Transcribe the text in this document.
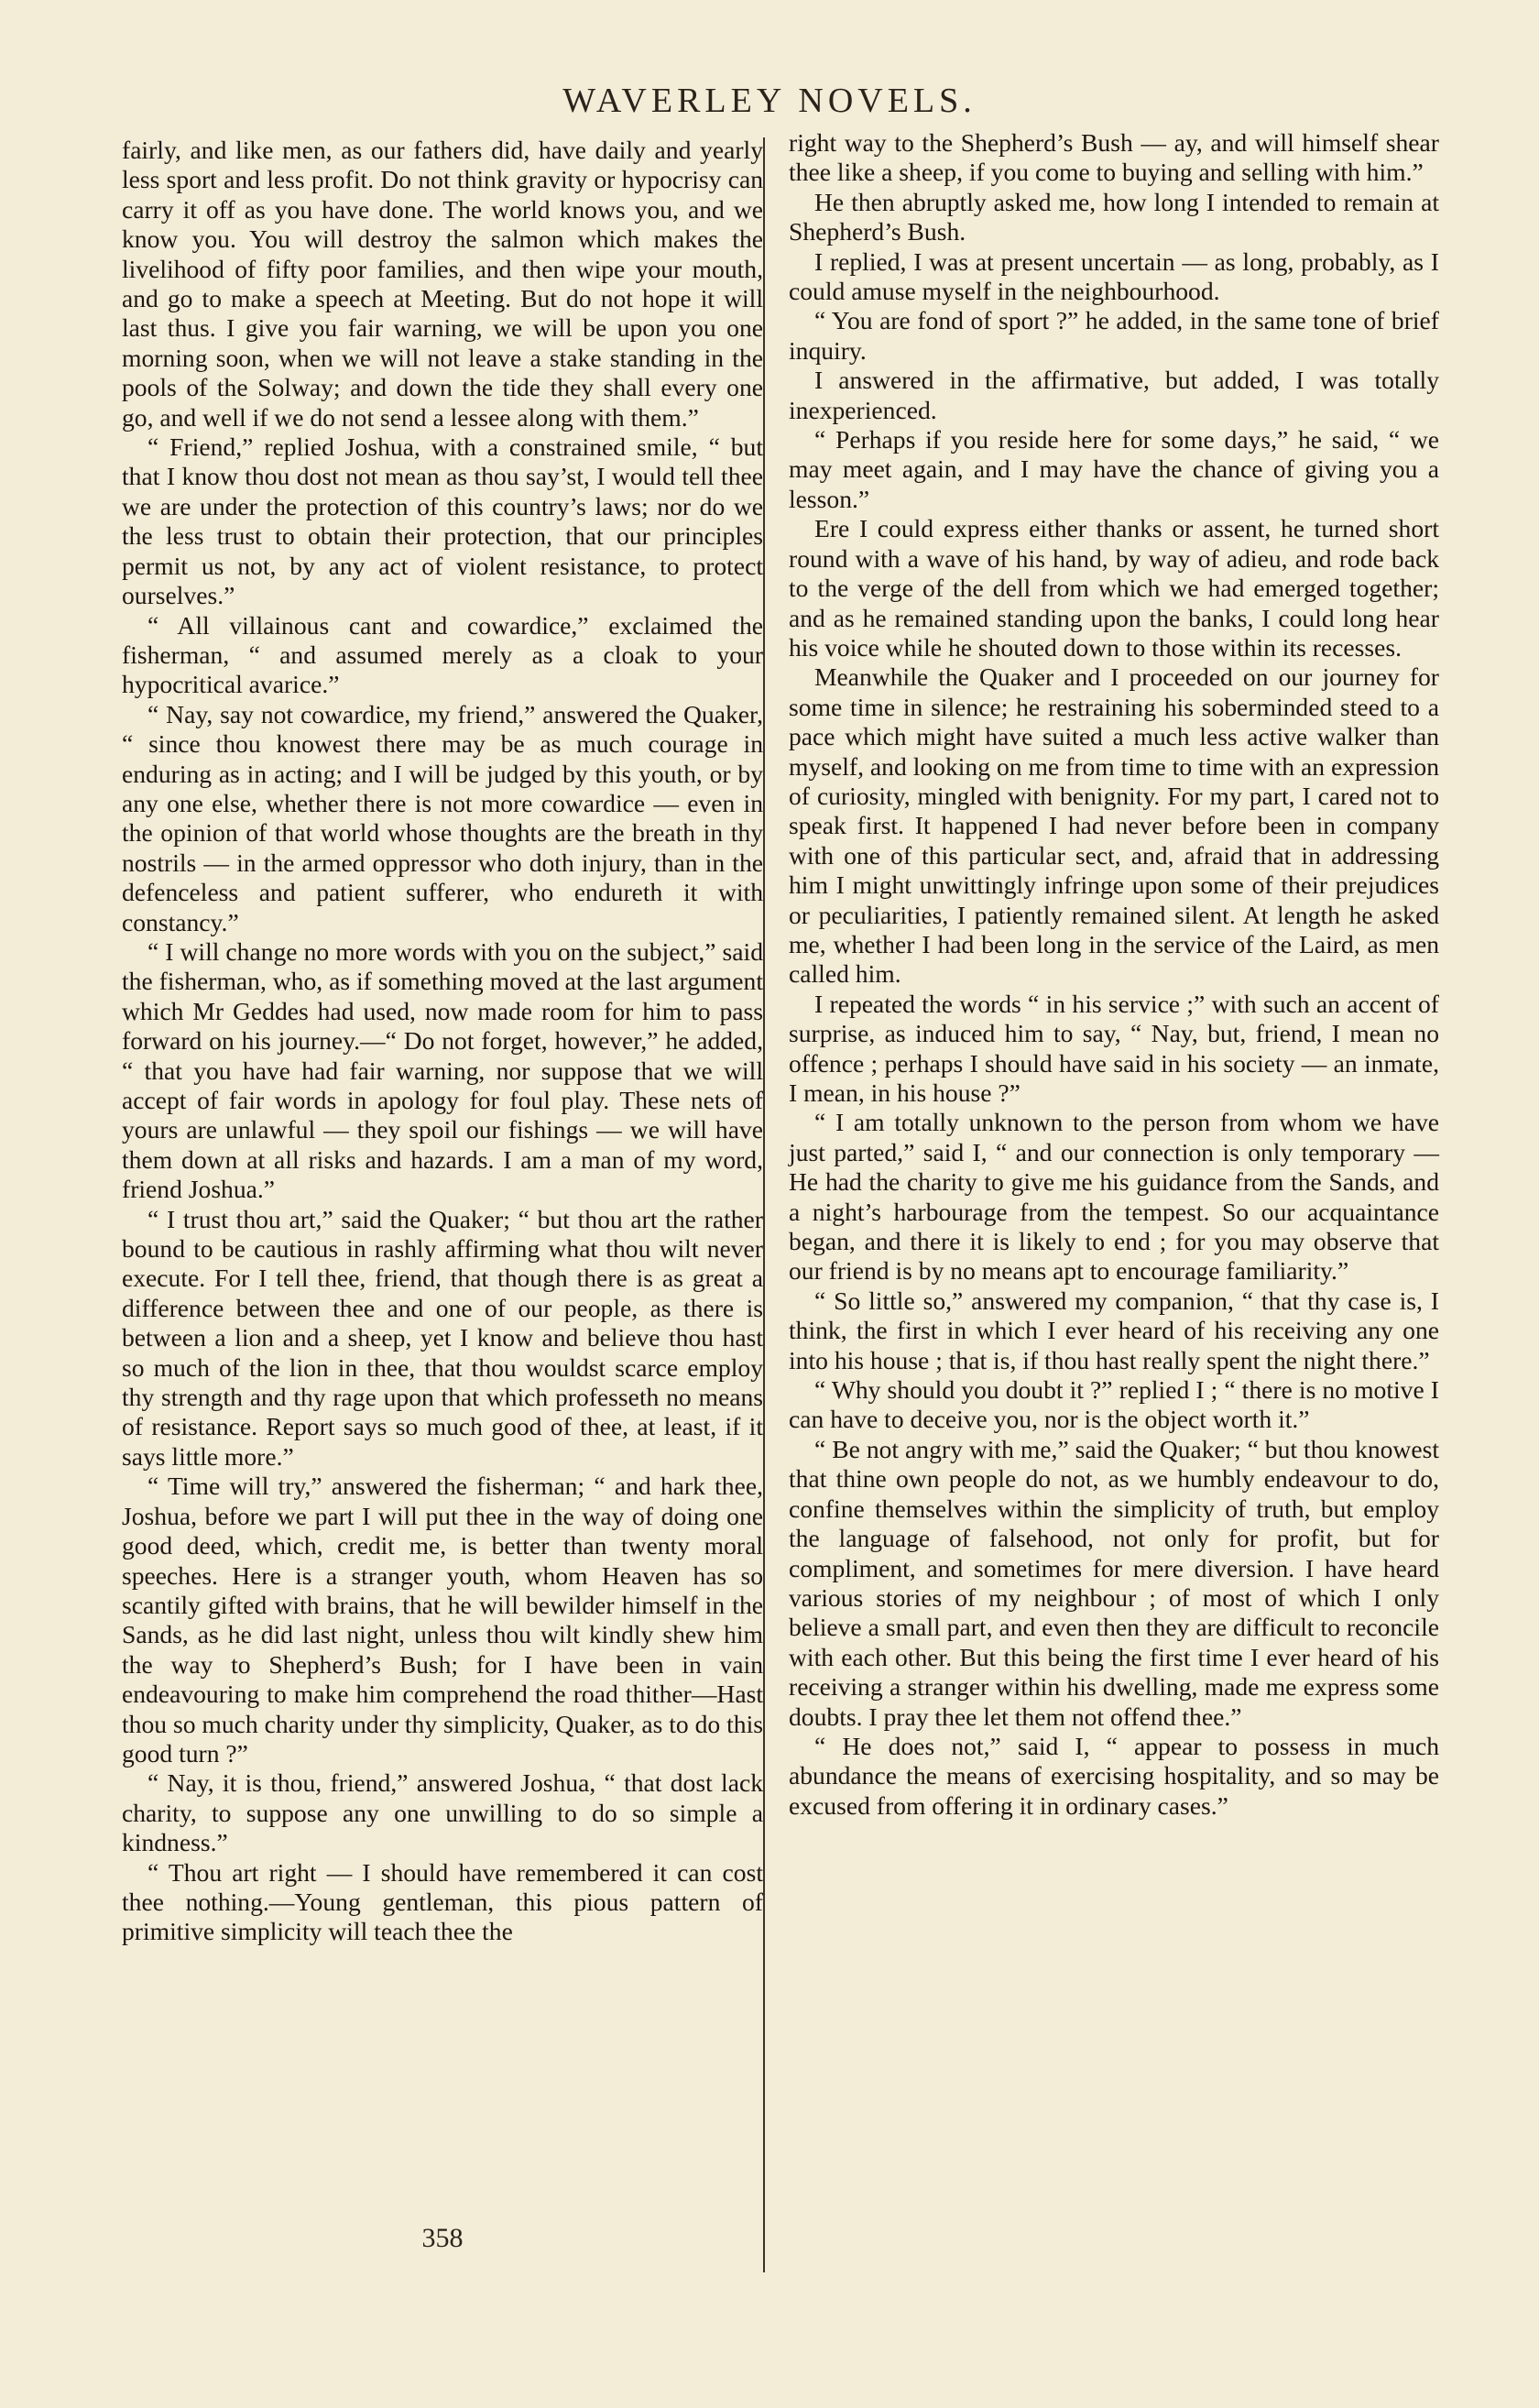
WAVERLEY NOVELS.

fairly, and like men, as our fathers did, have daily and yearly less sport and less profit. Do not think gravity or hypocrisy can carry it off as you have done. The world knows you, and we know you. You will destroy the salmon which makes the livelihood of fifty poor families, and then wipe your mouth, and go to make a speech at Meeting. But do not hope it will last thus. I give you fair warning, we will be upon you one morning soon, when we will not leave a stake standing in the pools of the Solway; and down the tide they shall every one go, and well if we do not send a lessee along with them.”

“ Friend,” replied Joshua, with a constrained smile, “ but that I know thou dost not mean as thou say’st, I would tell thee we are under the protection of this country’s laws; nor do we the less trust to obtain their protection, that our principles permit us not, by any act of violent resistance, to protect ourselves.”

“ All villainous cant and cowardice,” exclaimed the fisherman, “ and assumed merely as a cloak to your hypocritical avarice.”

“ Nay, say not cowardice, my friend,” answered the Quaker, “ since thou knowest there may be as much courage in enduring as in acting; and I will be judged by this youth, or by any one else, whether there is not more cowardice — even in the opinion of that world whose thoughts are the breath in thy nostrils — in the armed oppressor who doth injury, than in the defenceless and patient sufferer, who endureth it with constancy.”

“ I will change no more words with you on the subject,” said the fisherman, who, as if something moved at the last argument which Mr Geddes had used, now made room for him to pass forward on his journey.—“ Do not forget, however,” he added, “ that you have had fair warning, nor suppose that we will accept of fair words in apology for foul play. These nets of yours are unlawful — they spoil our fishings — we will have them down at all risks and hazards. I am a man of my word, friend Joshua.”

“ I trust thou art,” said the Quaker; “ but thou art the rather bound to be cautious in rashly affirming what thou wilt never execute. For I tell thee, friend, that though there is as great a difference between thee and one of our people, as there is between a lion and a sheep, yet I know and believe thou hast so much of the lion in thee, that thou wouldst scarce employ thy strength and thy rage upon that which professeth no means of resistance. Report says so much good of thee, at least, if it says little more.”

“ Time will try,” answered the fisherman; “ and hark thee, Joshua, before we part I will put thee in the way of doing one good deed, which, credit me, is better than twenty moral speeches. Here is a stranger youth, whom Heaven has so scantily gifted with brains, that he will bewilder himself in the Sands, as he did last night, unless thou wilt kindly shew him the way to Shepherd’s Bush; for I have been in vain endeavouring to make him comprehend the road thither—Hast thou so much charity under thy simplicity, Quaker, as to do this good turn ?”

“ Nay, it is thou, friend,” answered Joshua, “ that dost lack charity, to suppose any one unwilling to do so simple a kindness.”

“ Thou art right — I should have remembered it can cost thee nothing.—Young gentleman, this pious pattern of primitive simplicity will teach thee the

right way to the Shepherd’s Bush — ay, and will himself shear thee like a sheep, if you come to buying and selling with him.”

He then abruptly asked me, how long I intended to remain at Shepherd’s Bush.

I replied, I was at present uncertain — as long, probably, as I could amuse myself in the neighbourhood.

“ You are fond of sport ?” he added, in the same tone of brief inquiry.

I answered in the affirmative, but added, I was totally inexperienced.

“ Perhaps if you reside here for some days,” he said, “ we may meet again, and I may have the chance of giving you a lesson.”

Ere I could express either thanks or assent, he turned short round with a wave of his hand, by way of adieu, and rode back to the verge of the dell from which we had emerged together; and as he remained standing upon the banks, I could long hear his voice while he shouted down to those within its recesses.

Meanwhile the Quaker and I proceeded on our journey for some time in silence; he restraining his soberminded steed to a pace which might have suited a much less active walker than myself, and looking on me from time to time with an expression of curiosity, mingled with benignity. For my part, I cared not to speak first. It happened I had never before been in company with one of this particular sect, and, afraid that in addressing him I might unwittingly infringe upon some of their prejudices or peculiarities, I patiently remained silent. At length he asked me, whether I had been long in the service of the Laird, as men called him.

I repeated the words “ in his service ;” with such an accent of surprise, as induced him to say, “ Nay, but, friend, I mean no offence ; perhaps I should have said in his society — an inmate, I mean, in his house ?”

“ I am totally unknown to the person from whom we have just parted,” said I, “ and our connection is only temporary — He had the charity to give me his guidance from the Sands, and a night’s harbourage from the tempest. So our acquaintance began, and there it is likely to end ; for you may observe that our friend is by no means apt to encourage familiarity.”

“ So little so,” answered my companion, “ that thy case is, I think, the first in which I ever heard of his receiving any one into his house ; that is, if thou hast really spent the night there.”

“ Why should you doubt it ?” replied I ; “ there is no motive I can have to deceive you, nor is the object worth it.”

“ Be not angry with me,” said the Quaker; “ but thou knowest that thine own people do not, as we humbly endeavour to do, confine themselves within the simplicity of truth, but employ the language of falsehood, not only for profit, but for compliment, and sometimes for mere diversion. I have heard various stories of my neighbour ; of most of which I only believe a small part, and even then they are difficult to reconcile with each other. But this being the first time I ever heard of his receiving a stranger within his dwelling, made me express some doubts. I pray thee let them not offend thee.”

“ He does not,” said I, “ appear to possess in much abundance the means of exercising hospitality, and so may be excused from offering it in ordinary cases.”

358
